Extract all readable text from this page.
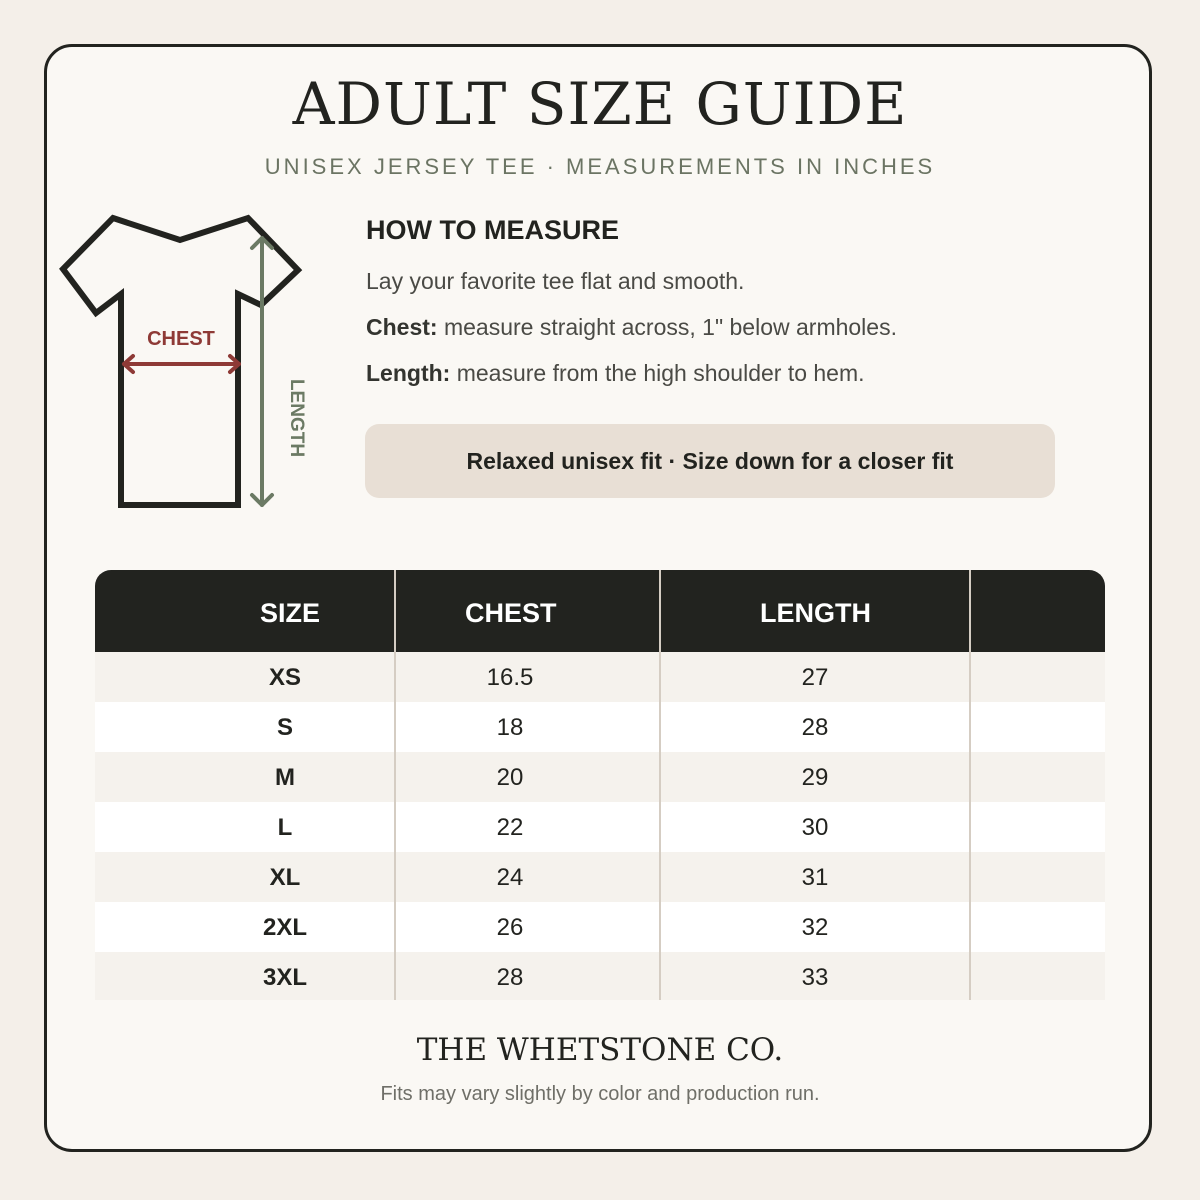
ADULT SIZE GUIDE
UNISEX JERSEY TEE · MEASUREMENTS IN INCHES
CHEST
LENGTH
HOW TO MEASURE
Lay your favorite tee flat and smooth.
Chest: measure straight across, 1" below armholes.
Length: measure from the high shoulder to hem.
Relaxed unisex fit · Size down for a closer fit
SIZE	CHEST	LENGTH
XS	16.5	27
S	18	28
M	20	29
L	22	30
XL	24	31
2XL	26	32
3XL	28	33
THE WHETSTONE CO.
Fits may vary slightly by color and production run.
